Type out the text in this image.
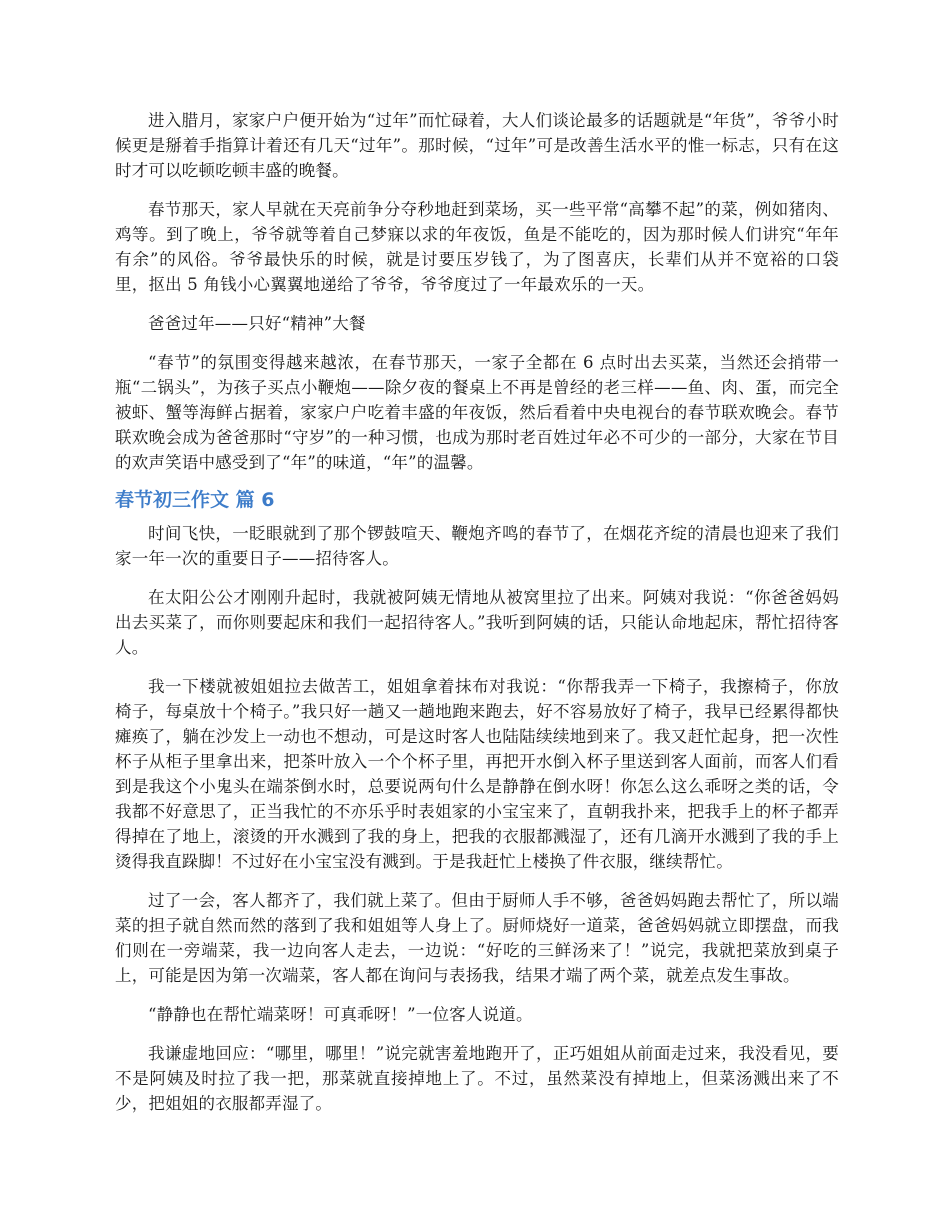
进入腊月，家家户户便开始为“过年”而忙碌着，大人们谈论最多的话题就是“年货”，爷爷小时候更是掰着手指算计着还有几天“过年”。那时候，“过年”可是改善生活水平的惟一标志，只有在这时才可以吃顿吃顿丰盛的晚餐。

春节那天，家人早就在天亮前争分夺秒地赶到菜场，买一些平常“高攀不起”的菜，例如猪肉、鸡等。到了晚上，爷爷就等着自己梦寐以求的年夜饭，鱼是不能吃的，因为那时候人们讲究“年年有余”的风俗。爷爷最快乐的时候，就是讨要压岁钱了，为了图喜庆，长辈们从并不宽裕的口袋里，抠出 5 角钱小心翼翼地递给了爷爷，爷爷度过了一年最欢乐的一天。

爸爸过年——只好“精神”大餐

“春节”的氛围变得越来越浓，在春节那天，一家子全都在 6 点时出去买菜，当然还会捎带一瓶“二锅头”，为孩子买点小鞭炮——除夕夜的餐桌上不再是曾经的老三样——鱼、肉、蛋，而完全被虾、蟹等海鲜占据着，家家户户吃着丰盛的年夜饭，然后看着中央电视台的春节联欢晚会。春节联欢晚会成为爸爸那时“守岁”的一种习惯，也成为那时老百姓过年必不可少的一部分，大家在节目的欢声笑语中感受到了“年”的味道，“年”的温馨。

春节初三作文 篇 6

时间飞快，一眨眼就到了那个锣鼓喧天、鞭炮齐鸣的春节了，在烟花齐绽的清晨也迎来了我们家一年一次的重要日子——招待客人。

在太阳公公才刚刚升起时，我就被阿姨无情地从被窝里拉了出来。阿姨对我说：“你爸爸妈妈出去买菜了，而你则要起床和我们一起招待客人。”我听到阿姨的话，只能认命地起床，帮忙招待客人。

我一下楼就被姐姐拉去做苦工，姐姐拿着抹布对我说：“你帮我弄一下椅子，我擦椅子，你放椅子，每桌放十个椅子。”我只好一趟又一趟地跑来跑去，好不容易放好了椅子，我早已经累得都快瘫痪了，躺在沙发上一动也不想动，可是这时客人也陆陆续续地到来了。我又赶忙起身，把一次性杯子从柜子里拿出来，把茶叶放入一个个杯子里，再把开水倒入杯子里送到客人面前，而客人们看到是我这个小鬼头在端茶倒水时，总要说两句什么是静静在倒水呀！你怎么这么乖呀之类的话，令我都不好意思了，正当我忙的不亦乐乎时表姐家的小宝宝来了，直朝我扑来，把我手上的杯子都弄得掉在了地上，滚烫的开水溅到了我的身上，把我的衣服都溅湿了，还有几滴开水溅到了我的手上烫得我直跺脚！不过好在小宝宝没有溅到。于是我赶忙上楼换了件衣服，继续帮忙。

过了一会，客人都齐了，我们就上菜了。但由于厨师人手不够，爸爸妈妈跑去帮忙了，所以端菜的担子就自然而然的落到了我和姐姐等人身上了。厨师烧好一道菜，爸爸妈妈就立即摆盘，而我们则在一旁端菜，我一边向客人走去，一边说：“好吃的三鲜汤来了！”说完，我就把菜放到桌子上，可能是因为第一次端菜，客人都在询问与表扬我，结果才端了两个菜，就差点发生事故。

“静静也在帮忙端菜呀！可真乖呀！”一位客人说道。

我谦虚地回应：“哪里，哪里！”说完就害羞地跑开了，正巧姐姐从前面走过来，我没看见，要不是阿姨及时拉了我一把，那菜就直接掉地上了。不过，虽然菜没有掉地上，但菜汤溅出来了不少，把姐姐的衣服都弄湿了。
